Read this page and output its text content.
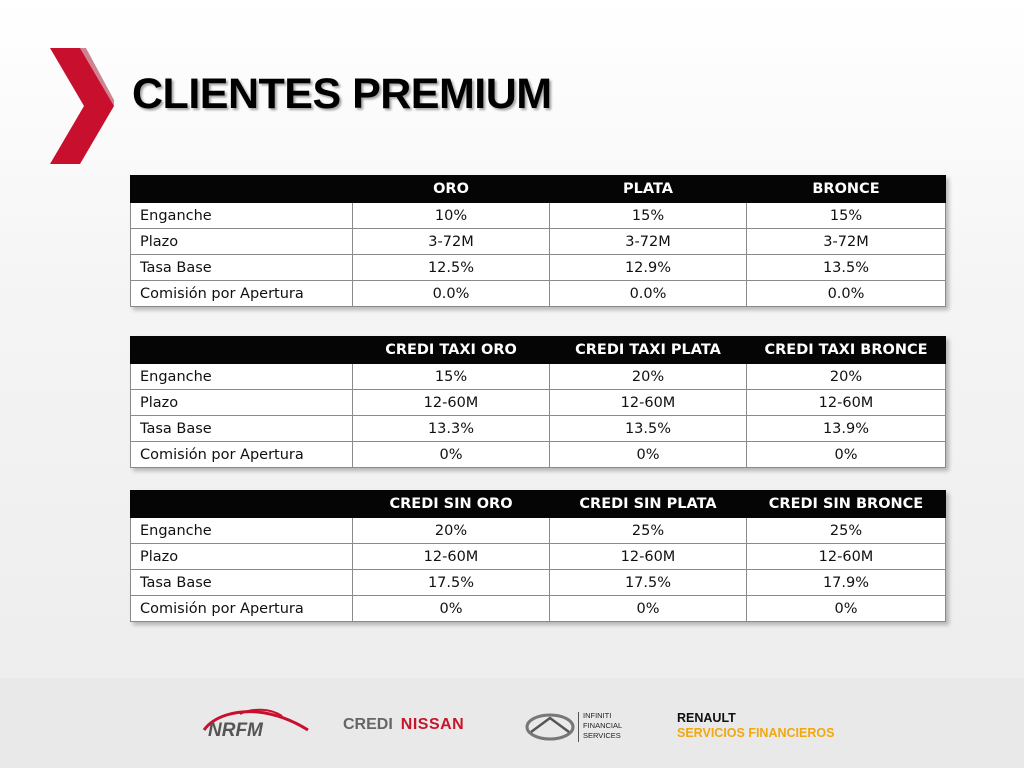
CLIENTES PREMIUM
	ORO	PLATA	BRONCE
Enganche	10%	15%	15%
Plazo	3-72M	3-72M	3-72M
Tasa Base	12.5%	12.9%	13.5%
Comisión por Apertura	0.0%	0.0%	0.0%
	CREDI TAXI ORO	CREDI TAXI PLATA	CREDI TAXI BRONCE
Enganche	15%	20%	20%
Plazo	12-60M	12-60M	12-60M
Tasa Base	13.3%	13.5%	13.9%
Comisión por Apertura	0%	0%	0%
	CREDI SIN ORO	CREDI SIN PLATA	CREDI SIN BRONCE
Enganche	20%	25%	25%
Plazo	12-60M	12-60M	12-60M
Tasa Base	17.5%	17.5%	17.9%
Comisión por Apertura	0%	0%	0%
NRFM	CREDI NISSAN
INFINITI
FINANCIAL
SERVICES
RENAULT
SERVICIOS FINANCIEROS
